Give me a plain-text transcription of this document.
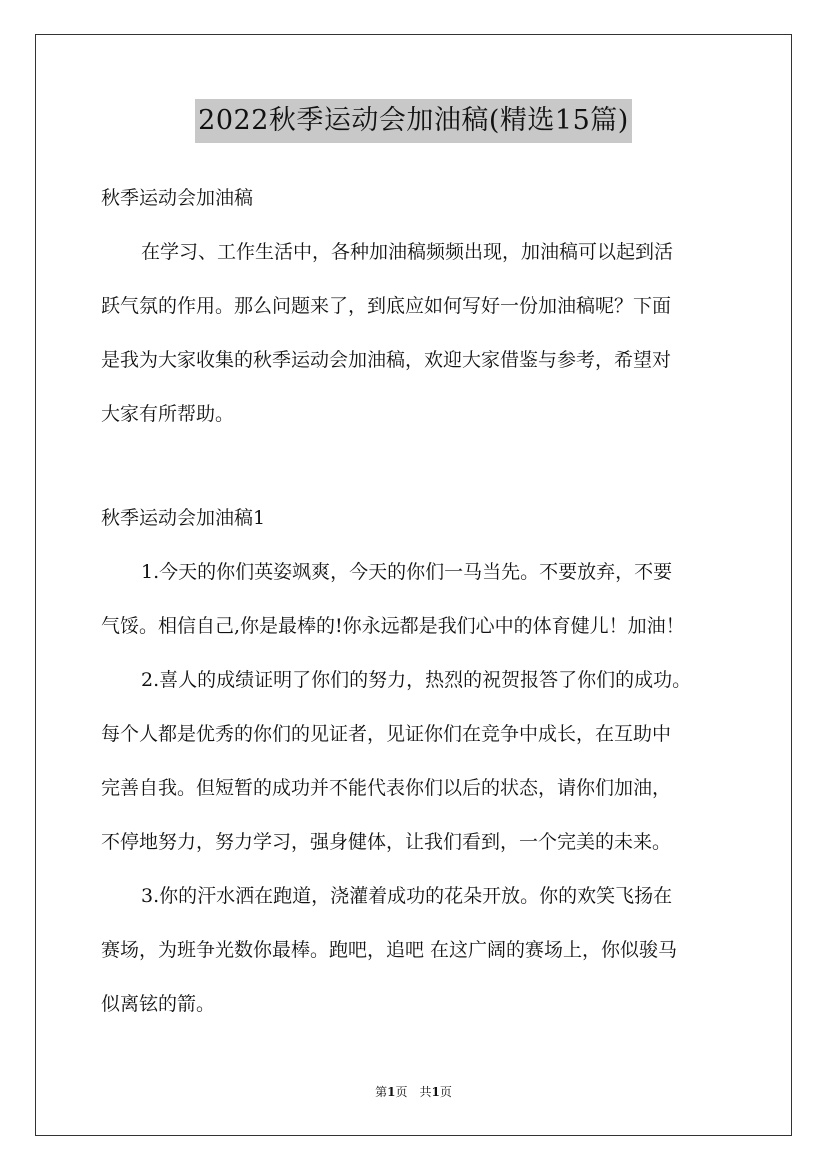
2022秋季运动会加油稿(精选15篇)
秋季运动会加油稿
在学习、工作生活中，各种加油稿频频出现，加油稿可以起到活
跃气氛的作用。那么问题来了，到底应如何写好一份加油稿呢？下面
是我为大家收集的秋季运动会加油稿，欢迎大家借鉴与参考，希望对
大家有所帮助。
秋季运动会加油稿1
1.今天的你们英姿飒爽，今天的你们一马当先。不要放弃，不要
气馁。相信自己,你是最棒的!你永远都是我们心中的体育健儿！加油！
2.喜人的成绩证明了你们的努力，热烈的祝贺报答了你们的成功。
每个人都是优秀的你们的见证者，见证你们在竞争中成长，在互助中
完善自我。但短暂的成功并不能代表你们以后的状态，请你们加油，
不停地努力，努力学习，强身健体，让我们看到，一个完美的未来。
3.你的汗水洒在跑道，浇灌着成功的花朵开放。你的欢笑飞扬在
赛场，为班争光数你最棒。跑吧，追吧 在这广阔的赛场上，你似骏马
似离铉的箭。
第1页　共1页
